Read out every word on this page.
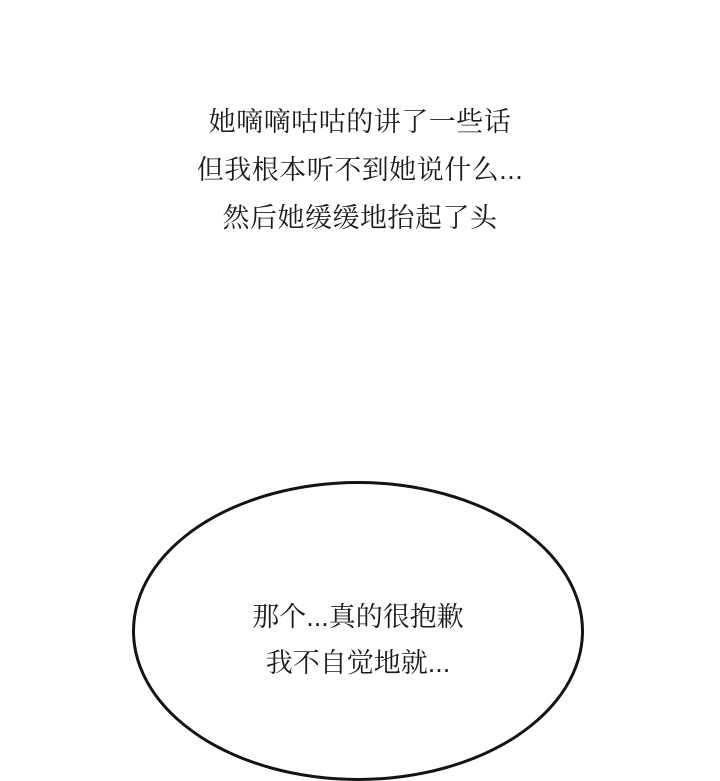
她嘀嘀咕咕的讲了一些话
但我根本听不到她说什么...
然后她缓缓地抬起了头
那个...真的很抱歉
我不自觉地就...
